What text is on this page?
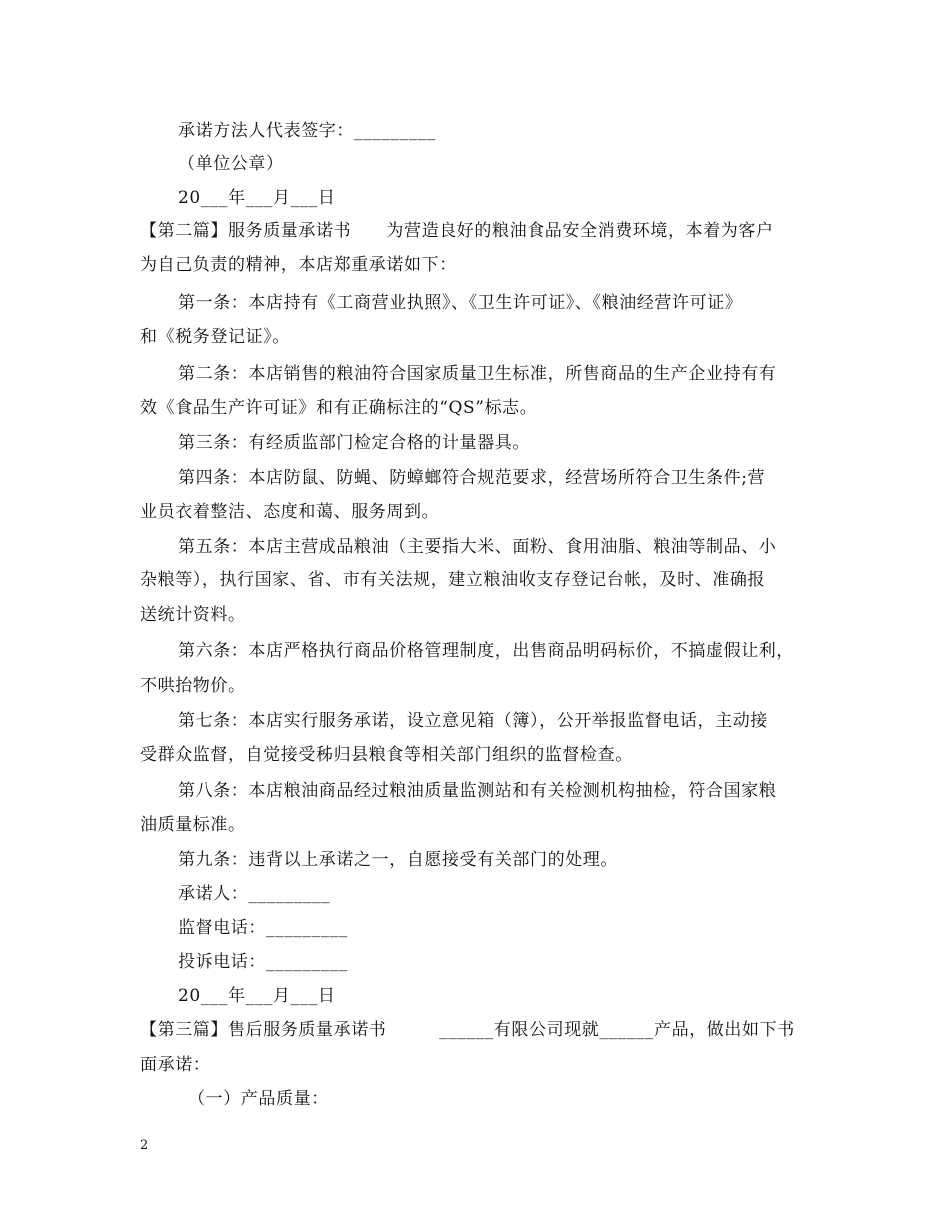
承诺方法人代表签字：_________
（单位公章）
20___年___月___日
【第二篇】服务质量承诺书　　为营造良好的粮油食品安全消费环境，本着为客户
为自己负责的精神，本店郑重承诺如下：
第一条：本店持有《工商营业执照》、《卫生许可证》、《粮油经营许可证》
和《税务登记证》。
第二条：本店销售的粮油符合国家质量卫生标准，所售商品的生产企业持有有
效《食品生产许可证》和有正确标注的“QS”标志。
第三条：有经质监部门检定合格的计量器具。
第四条：本店防鼠、防蝇、防蟑螂符合规范要求，经营场所符合卫生条件;营
业员衣着整洁、态度和蔼、服务周到。
第五条：本店主营成品粮油（主要指大米、面粉、食用油脂、粮油等制品、小
杂粮等），执行国家、省、市有关法规，建立粮油收支存登记台帐，及时、准确报
送统计资料。
第六条：本店严格执行商品价格管理制度，出售商品明码标价，不搞虚假让利，
不哄抬物价。
第七条：本店实行服务承诺，设立意见箱（簿），公开举报监督电话，主动接
受群众监督，自觉接受秭归县粮食等相关部门组织的监督检查。
第八条：本店粮油商品经过粮油质量监测站和有关检测机构抽检，符合国家粮
油质量标准。
第九条：违背以上承诺之一，自愿接受有关部门的处理。
承诺人：_________
监督电话：_________
投诉电话：_________
20___年___月___日
【第三篇】售后服务质量承诺书　　　______有限公司现就______产品，做出如下书
面承诺：
（一）产品质量：
2
